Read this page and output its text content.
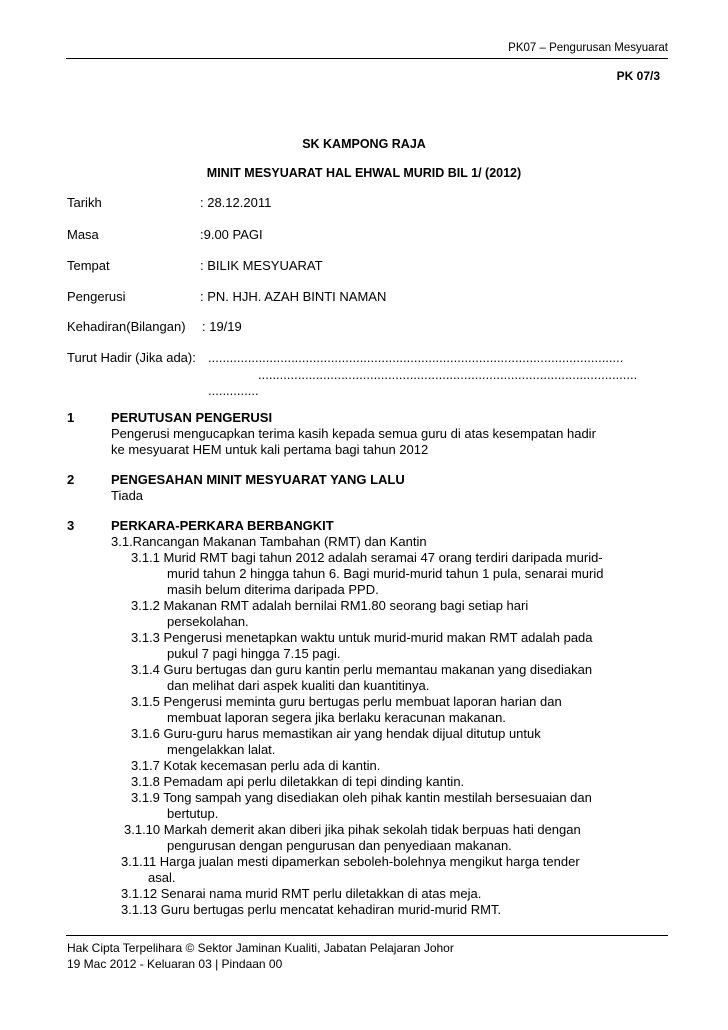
PK07 – Pengurusan Mesyuarat
PK 07/3
SK KAMPONG RAJA
MINIT MESYUARAT HAL EHWAL MURID BIL 1/ (2012)
Tarikh	: 28.12.2011
Masa	:9.00 PAGI
Tempat	: BILIK MESYUARAT
Pengerusi	: PN. HJH. AZAH BINTI NAMAN
Kehadiran(Bilangan) : 19/19
Turut Hadir (Jika ada): ...................................................................................................................
.........................................................................................................
..............
1	PERUTUSAN PENGERUSI
Pengerusi mengucapkan terima kasih kepada semua guru di atas kesempatan hadir
ke mesyuarat HEM untuk kali pertama bagi tahun 2012
2	PENGESAHAN MINIT MESYUARAT YANG LALU
Tiada
3	PERKARA-PERKARA BERBANGKIT
3.1.Rancangan Makanan Tambahan (RMT) dan Kantin
3.1.1 Murid RMT bagi tahun 2012 adalah seramai 47 orang terdiri daripada murid-
murid tahun 2 hingga tahun 6. Bagi murid-murid tahun 1 pula, senarai murid
masih belum diterima daripada PPD.
3.1.2 Makanan RMT adalah bernilai RM1.80 seorang bagi setiap hari
persekolahan.
3.1.3 Pengerusi menetapkan waktu untuk murid-murid makan RMT adalah pada
pukul 7 pagi hingga 7.15 pagi.
3.1.4 Guru bertugas dan guru kantin perlu memantau makanan yang disediakan
dan melihat dari aspek kualiti dan kuantitinya.
3.1.5 Pengerusi meminta guru bertugas perlu membuat laporan harian dan
membuat laporan segera jika berlaku keracunan makanan.
3.1.6 Guru-guru harus memastikan air yang hendak dijual ditutup untuk
mengelakkan lalat.
3.1.7 Kotak kecemasan perlu ada di kantin.
3.1.8 Pemadam api perlu diletakkan di tepi dinding kantin.
3.1.9 Tong sampah yang disediakan oleh pihak kantin mestilah bersesuaian dan
bertutup.
3.1.10 Markah demerit akan diberi jika pihak sekolah tidak berpuas hati dengan
pengurusan dengan pengurusan dan penyediaan makanan.
3.1.11 Harga jualan mesti dipamerkan seboleh-bolehnya mengikut harga tender
asal.
3.1.12 Senarai nama murid RMT perlu diletakkan di atas meja.
3.1.13 Guru bertugas perlu mencatat kehadiran murid-murid RMT.
Hak Cipta Terpelihara © Sektor Jaminan Kualiti, Jabatan Pelajaran Johor
19 Mac 2012 - Keluaran 03 | Pindaan 00
